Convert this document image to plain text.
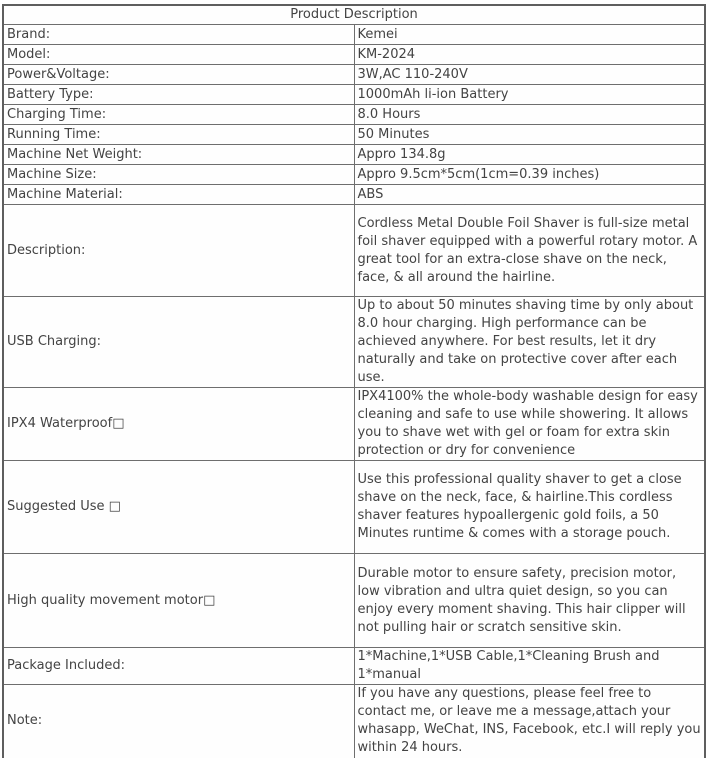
Product Description	
Brand:	Kemei
Model:	KM-2024
Power&Voltage:	3W,AC 110-240V
Battery Type:	1000mAh li-ion Battery
Charging Time:	8.0 Hours
Running Time:	50 Minutes
Machine Net Weight:	Appro 134.8g
Machine Size:	Appro 9.5cm*5cm(1cm=0.39 inches)
Machine Material:	ABS
Description:	Cordless Metal Double Foil Shaver is full-size metal foil shaver equipped with a powerful rotary motor. A great tool for an extra-close shave on the neck, face, & all around the hairline.
USB Charging:	Up to about 50 minutes shaving time by only about 8.0 hour charging. High performance can be achieved anywhere. For best results, let it dry naturally and take on protective cover after each use.
IPX4 Waterproof□	IPX4100% the whole-body washable design for easy cleaning and safe to use while showering. It allows you to shave wet with gel or foam for extra skin protection or dry for convenience
Suggested Use □	Use this professional quality shaver to get a close shave on the neck, face, & hairline.This cordless shaver features hypoallergenic gold foils, a 50 Minutes runtime & comes with a storage pouch.
High quality movement motor□	Durable motor to ensure safety, precision motor, low vibration and ultra quiet design, so you can enjoy every moment shaving. This hair clipper will not pulling hair or scratch sensitive skin.
Package Included:	1*Machine,1*USB Cable,1*Cleaning Brush and 1*manual
Note:	If you have any questions, please feel free to contact me, or leave me a message,attach your whasapp, WeChat, INS, Facebook, etc.I will reply you within 24 hours.
